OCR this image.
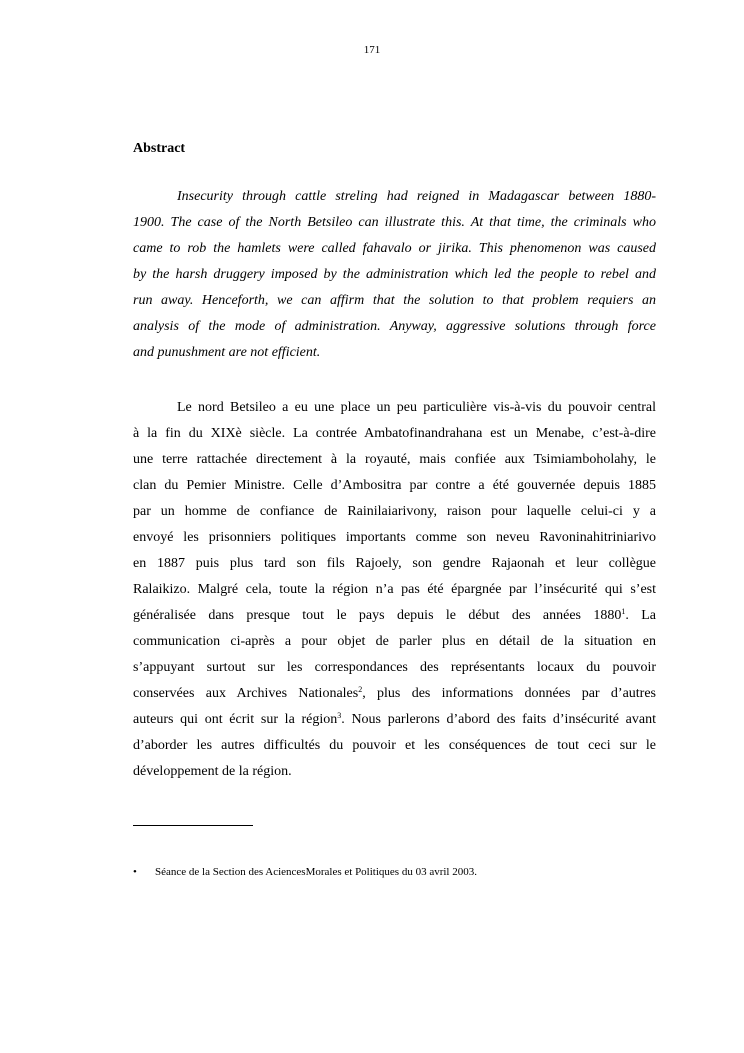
171
Abstract
Insecurity through cattle streling had reigned in Madagascar between 1880-
1900. The case of the North Betsileo can illustrate this. At that time, the criminals who
came to rob the hamlets were called fahavalo or jirika. This phenomenon was caused
by the harsh druggery imposed by the administration which led the people to rebel and
run away. Henceforth, we can affirm that the solution to that problem requiers an
analysis of the mode of administration. Anyway, aggressive solutions through force
and punushment are not efficient.
Le nord Betsileo a eu une place un peu particulière vis-à-vis du pouvoir central
à la fin du XIXè siècle. La contrée Ambatofinandrahana est un Menabe, c’est-à-dire
une terre rattachée directement à la royauté, mais confiée aux Tsimiamboholahy, le
clan du Pemier Ministre. Celle d’Ambositra par contre a été gouvernée depuis 1885
par un homme de confiance de Rainilaiarivony, raison pour laquelle celui-ci y a
envoyé les prisonniers politiques importants comme son neveu Ravoninahitriniarivo
en 1887 puis plus tard son fils Rajoely, son gendre Rajaonah et leur collègue
Ralaikizo. Malgré cela, toute la région n’a pas été épargnée par l’insécurité qui s’est
généralisée dans presque tout le pays depuis le début des années 1880$^1$. La
communication ci-après a pour objet de parler plus en détail de la situation en
s’appuyant surtout sur les correspondances des représentants locaux du pouvoir
conservées aux Archives Nationales$^2$, plus des informations données par d’autres
auteurs qui ont écrit sur la région$^3$. Nous parlerons d’abord des faits d’insécurité avant
d’aborder les autres difficultés du pouvoir et les conséquences de tout ceci sur le
développement de la région.
• Séance de la Section des AciencesMorales et Politiques du 03 avril 2003.
